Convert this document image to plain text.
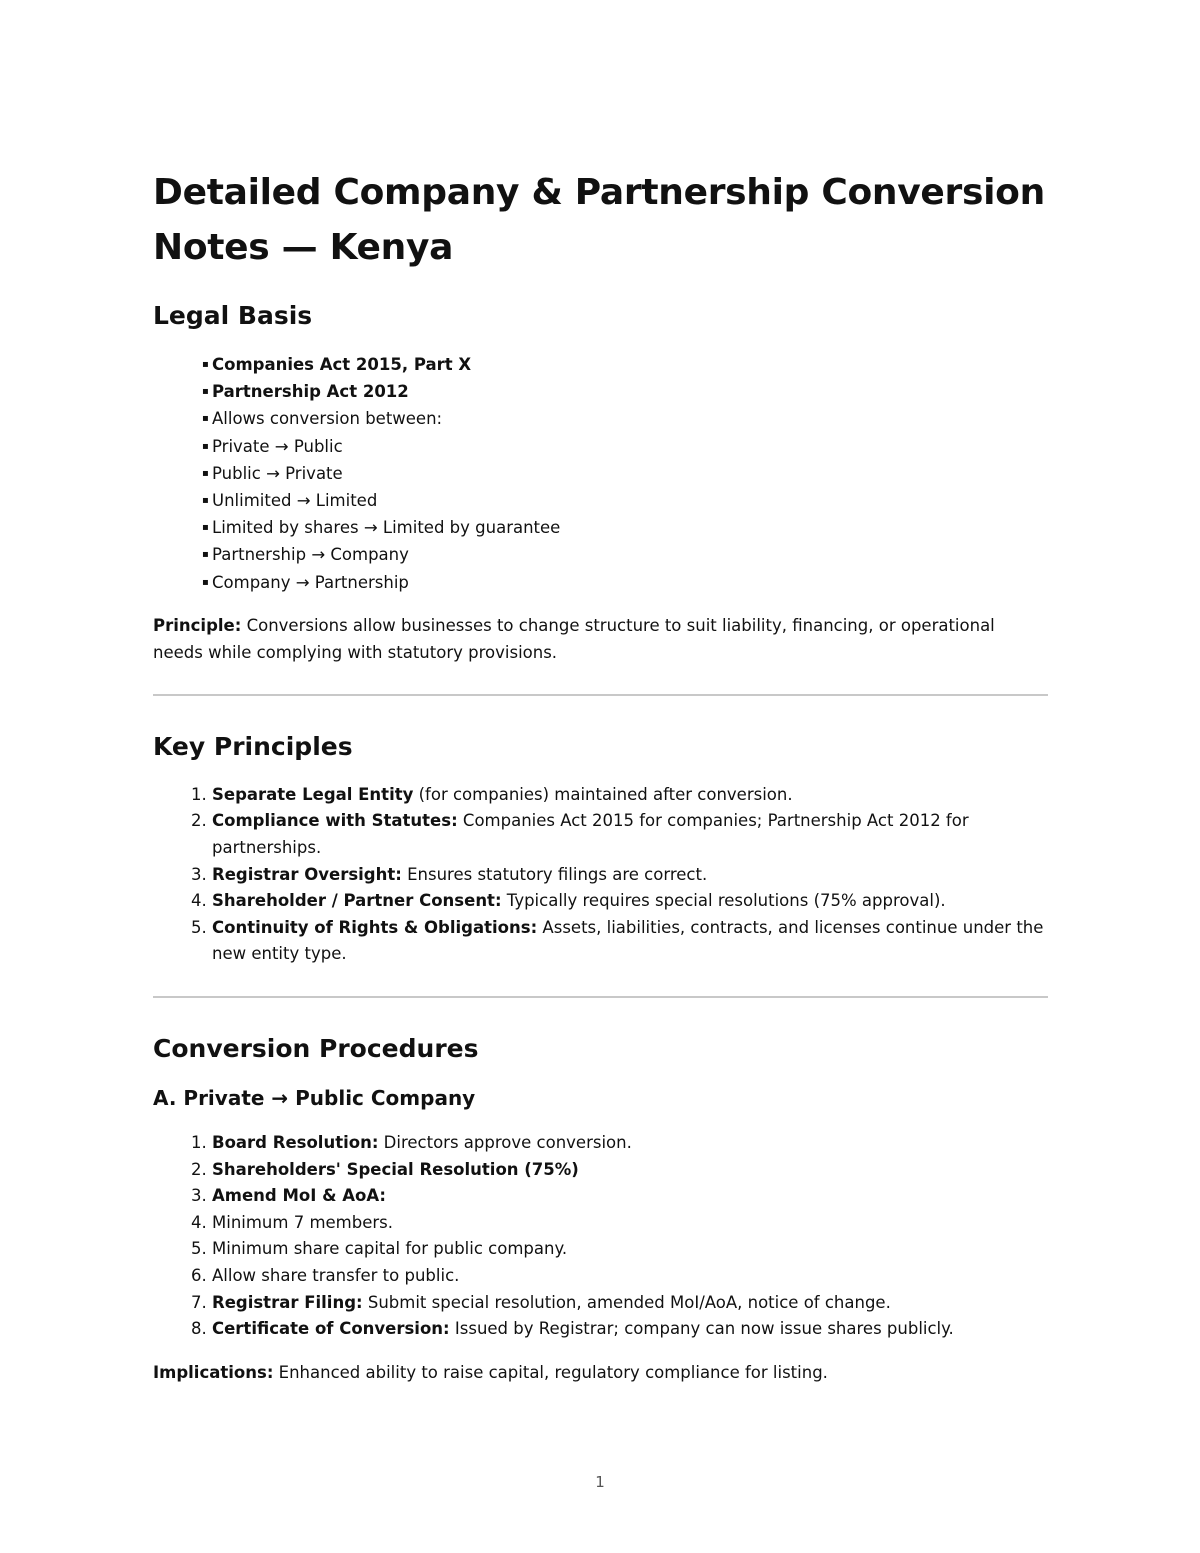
Detailed Company & Partnership Conversion Notes — Kenya
Legal Basis
▪ Companies Act 2015, Part X
▪ Partnership Act 2012
▪ Allows conversion between:
▪ Private → Public
▪ Public → Private
▪ Unlimited → Limited
▪ Limited by shares → Limited by guarantee
▪ Partnership → Company
▪ Company → Partnership

Principle: Conversions allow businesses to change structure to suit liability, financing, or operational needs while complying with statutory provisions.

Key Principles
1. Separate Legal Entity (for companies) maintained after conversion.
2. Compliance with Statutes: Companies Act 2015 for companies; Partnership Act 2012 for partnerships.
3. Registrar Oversight: Ensures statutory filings are correct.
4. Shareholder / Partner Consent: Typically requires special resolutions (75% approval).
5. Continuity of Rights & Obligations: Assets, liabilities, contracts, and licenses continue under the new entity type.
Conversion Procedures
A. Private → Public Company
1. Board Resolution: Directors approve conversion.
2. Shareholders' Special Resolution (75%)
3. Amend MoI & AoA:
4. Minimum 7 members.
5. Minimum share capital for public company.
6. Allow share transfer to public.
7. Registrar Filing: Submit special resolution, amended MoI/AoA, notice of change.
8. Certificate of Conversion: Issued by Registrar; company can now issue shares publicly.

Implications: Enhanced ability to raise capital, regulatory compliance for listing.

1
